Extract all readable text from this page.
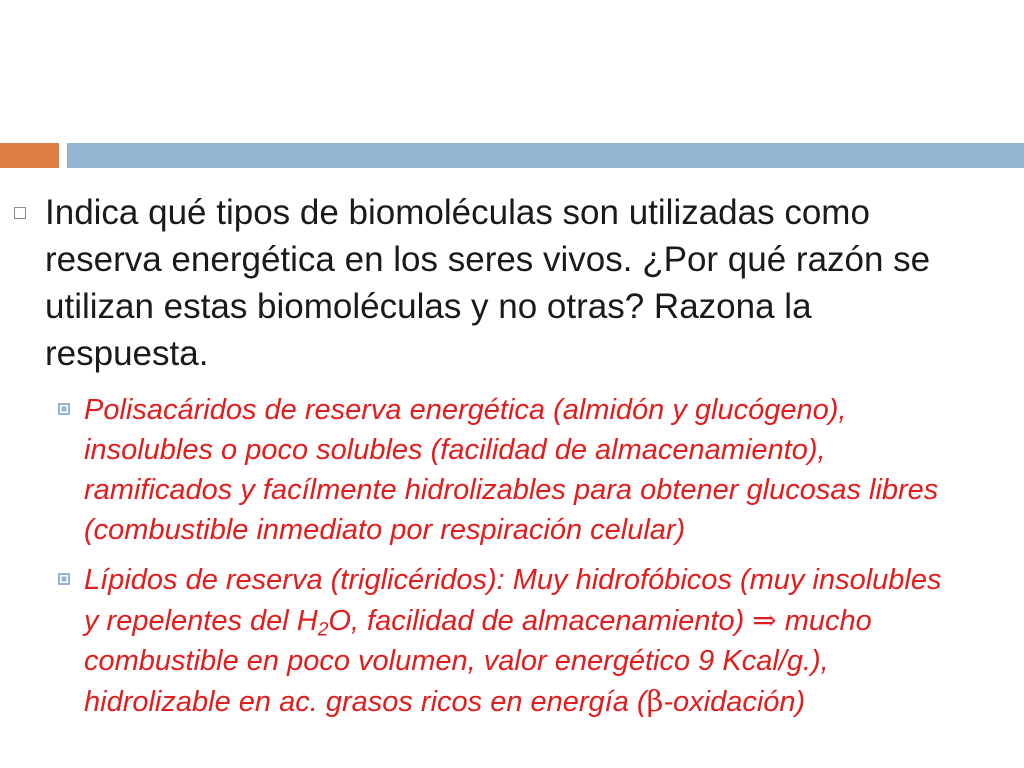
Indica qué tipos de biomoléculas son utilizadas como
reserva energética en los seres vivos. ¿Por qué razón se
utilizan estas biomoléculas y no otras? Razona la
respuesta.
Polisacáridos de reserva energética (almidón y glucógeno),
insolubles o poco solubles (facilidad de almacenamiento),
ramificados y facílmente hidrolizables para obtener glucosas libres
(combustible inmediato por respiración celular)
Lípidos de reserva (triglicéridos): Muy hidrofóbicos (muy insolubles
y repelentes del $H_2O$, facilidad de almacenamiento) ⇒ mucho
combustible en poco volumen, valor energético 9 Kcal/g.),
hidrolizable en ac. grasos ricos en energía (β-oxidación)
